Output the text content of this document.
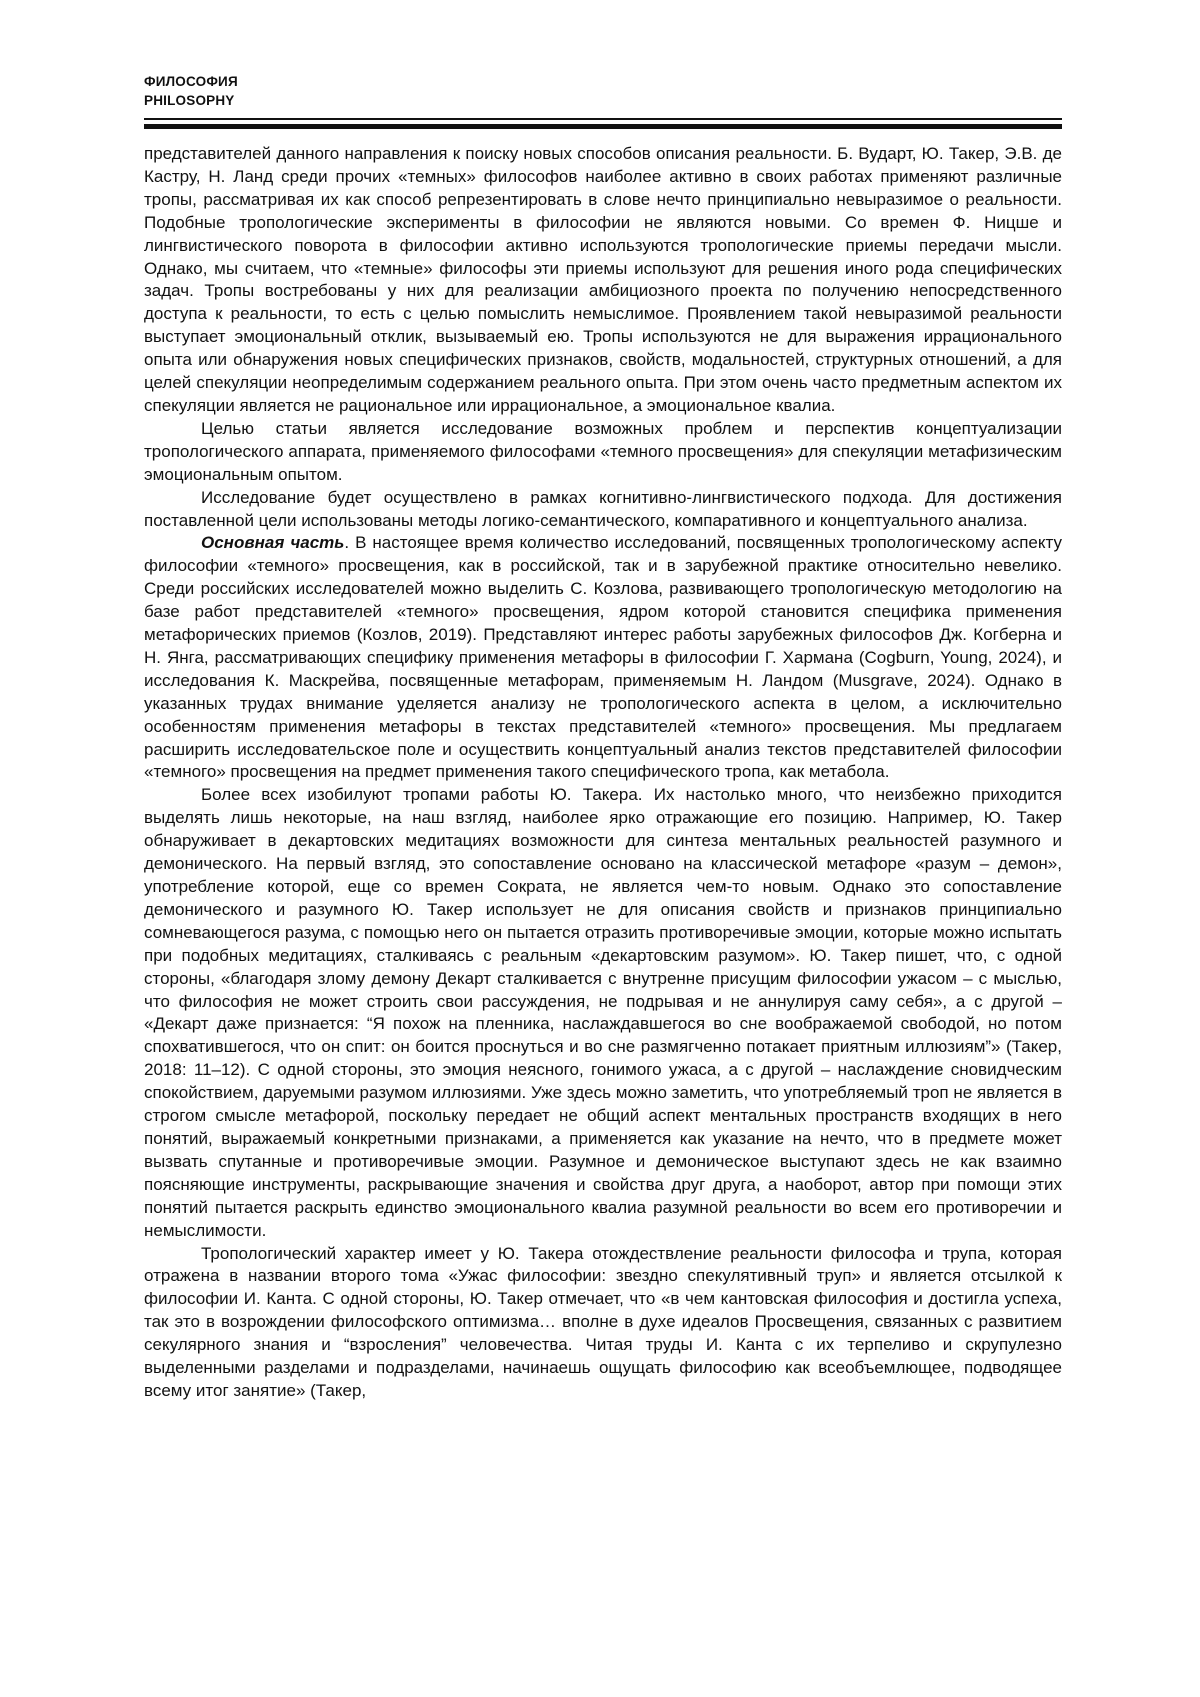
ФИЛОСОФИЯ
PHILOSOPHY

представителей данного направления к поиску новых способов описания реальности. Б. Вударт, Ю. Такер, Э.В. де Кастру, Н. Ланд среди прочих «темных» философов наиболее активно в своих работах применяют различные тропы, рассматривая их как способ репрезентировать в слове нечто принципиально невыразимое о реальности. Подобные тропологические эксперименты в философии не являются новыми. Со времен Ф. Ницше и лингвистического поворота в философии активно используются тропологические приемы передачи мысли. Однако, мы считаем, что «темные» философы эти приемы используют для решения иного рода специфических задач. Тропы востребованы у них для реализации амбициозного проекта по получению непосредственного доступа к реальности, то есть с целью помыслить немыслимое. Проявлением такой невыразимой реальности выступает эмоциональный отклик, вызываемый ею. Тропы используются не для выражения иррационального опыта или обнаружения новых специфических признаков, свойств, модальностей, структурных отношений, а для целей спекуляции неопределимым содержанием реального опыта. При этом очень часто предметным аспектом их спекуляции является не рациональное или иррациональное, а эмоциональное квалиа.

Целью статьи является исследование возможных проблем и перспектив концептуализации тропологического аппарата, применяемого философами «темного просвещения» для спекуляции метафизическим эмоциональным опытом.

Исследование будет осуществлено в рамках когнитивно-лингвистического подхода. Для достижения поставленной цели использованы методы логико-семантического, компаративного и концептуального анализа.

Основная часть. В настоящее время количество исследований, посвященных тропологическому аспекту философии «темного» просвещения, как в российской, так и в зарубежной практике относительно невелико. Среди российских исследователей можно выделить С. Козлова, развивающего тропологическую методологию на базе работ представителей «темного» просвещения, ядром которой становится специфика применения метафорических приемов (Козлов, 2019). Представляют интерес работы зарубежных философов Дж. Когберна и Н. Янга, рассматривающих специфику применения метафоры в философии Г. Хармана (Cogburn, Young, 2024), и исследования К. Маскрейва, посвященные метафорам, применяемым Н. Ландом (Musgrave, 2024). Однако в указанных трудах внимание уделяется анализу не тропологического аспекта в целом, а исключительно особенностям применения метафоры в текстах представителей «темного» просвещения. Мы предлагаем расширить исследовательское поле и осуществить концептуальный анализ текстов представителей философии «темного» просвещения на предмет применения такого специфического тропа, как метабола.

Более всех изобилуют тропами работы Ю. Такера. Их настолько много, что неизбежно приходится выделять лишь некоторые, на наш взгляд, наиболее ярко отражающие его позицию. Например, Ю. Такер обнаруживает в декартовских медитациях возможности для синтеза ментальных реальностей разумного и демонического. На первый взгляд, это сопоставление основано на классической метафоре «разум – демон», употребление которой, еще со времен Сократа, не является чем-то новым. Однако это сопоставление демонического и разумного Ю. Такер использует не для описания свойств и признаков принципиально сомневающегося разума, с помощью него он пытается отразить противоречивые эмоции, которые можно испытать при подобных медитациях, сталкиваясь с реальным «декартовским разумом». Ю. Такер пишет, что, с одной стороны, «благодаря злому демону Декарт сталкивается с внутренне присущим философии ужасом – с мыслью, что философия не может строить свои рассуждения, не подрывая и не аннулируя саму себя», а с другой – «Декарт даже признается: “Я похож на пленника, наслаждавшегося во сне воображаемой свободой, но потом спохватившегося, что он спит: он боится проснуться и во сне размягченно потакает приятным иллюзиям”» (Такер, 2018: 11–12). С одной стороны, это эмоция неясного, гонимого ужаса, а с другой – наслаждение сновидческим спокойствием, даруемыми разумом иллюзиями. Уже здесь можно заметить, что употребляемый троп не является в строгом смысле метафорой, поскольку передает не общий аспект ментальных пространств входящих в него понятий, выражаемый конкретными признаками, а применяется как указание на нечто, что в предмете может вызвать спутанные и противоречивые эмоции. Разумное и демоническое выступают здесь не как взаимно поясняющие инструменты, раскрывающие значения и свойства друг друга, а наоборот, автор при помощи этих понятий пытается раскрыть единство эмоционального квалиа разумной реальности во всем его противоречии и немыслимости.

Тропологический характер имеет у Ю. Такера отождествление реальности философа и трупа, которая отражена в названии второго тома «Ужас философии: звездно спекулятивный труп» и является отсылкой к философии И. Канта. С одной стороны, Ю. Такер отмечает, что «в чем кантовская философия и достигла успеха, так это в возрождении философского оптимизма… вполне в духе идеалов Просвещения, связанных с развитием секулярного знания и “взросления” человечества. Читая труды И. Канта с их терпеливо и скрупулезно выделенными разделами и подразделами, начинаешь ощущать философию как всеобъемлющее, подводящее всему итог занятие» (Такер,
